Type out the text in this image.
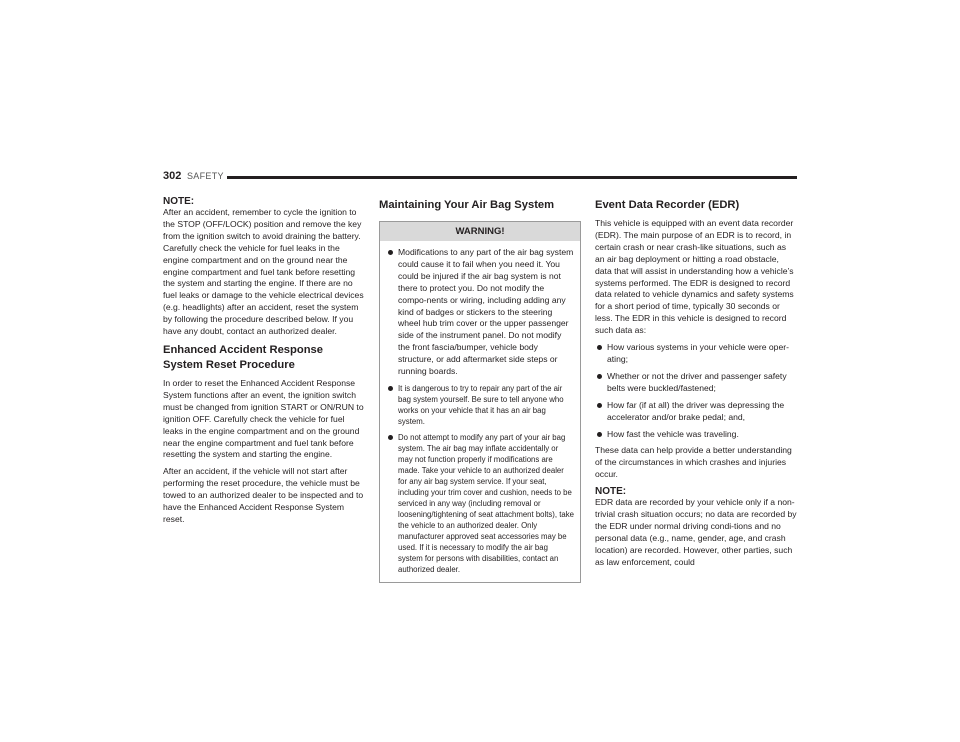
302 SAFETY
NOTE:

After an accident, remember to cycle the ignition to the STOP (OFF/LOCK) position and remove the key from the ignition switch to avoid draining the battery. Carefully check the vehicle for fuel leaks in the engine compartment and on the ground near the engine compartment and fuel tank before resetting the system and starting the engine. If there are no fuel leaks or damage to the vehicle electrical devices (e.g. headlights) after an accident, reset the system by following the procedure described below. If you have any doubt, contact an authorized dealer.

Enhanced Accident Response System Reset Procedure

In order to reset the Enhanced Accident Response System functions after an event, the ignition switch must be changed from ignition START or ON/RUN to ignition OFF. Carefully check the vehicle for fuel leaks in the engine compartment and on the ground near the engine compartment and fuel tank before resetting the system and starting the engine.

After an accident, if the vehicle will not start after performing the reset procedure, the vehicle must be towed to an authorized dealer to be inspected and to have the Enhanced Accident Response System reset.

Maintaining Your Air Bag System
WARNING!
Modifications to any part of the air bag system could cause it to fail when you need it. You could be injured if the air bag system is not there to protect you. Do not modify the compo-nents or wiring, including adding any kind of badges or stickers to the steering wheel hub trim cover or the upper passenger side of the instrument panel. Do not modify the front fascia/bumper, vehicle body structure, or add aftermarket side steps or running boards.
It is dangerous to try to repair any part of the air bag system yourself. Be sure to tell anyone who works on your vehicle that it has an air bag system.
Do not attempt to modify any part of your air bag system. The air bag may inflate accidentally or may not function properly if modifications are made. Take your vehicle to an authorized dealer for any air bag system service. If your seat, including your trim cover and cushion, needs to be serviced in any way (including removal or loosening/tightening of seat attachment bolts), take the vehicle to an authorized dealer. Only manufacturer approved seat accessories may be used. If it is necessary to modify the air bag system for persons with disabilities, contact an authorized dealer.
Event Data Recorder (EDR)

This vehicle is equipped with an event data recorder (EDR). The main purpose of an EDR is to record, in certain crash or near crash-like situations, such as an air bag deployment or hitting a road obstacle, data that will assist in understanding how a vehicle’s systems performed. The EDR is designed to record data related to vehicle dynamics and safety systems for a short period of time, typically 30 seconds or less. The EDR in this vehicle is designed to record such data as:

How various systems in your vehicle were oper-ating;
Whether or not the driver and passenger safety belts were buckled/fastened;
How far (if at all) the driver was depressing the accelerator and/or brake pedal; and,
How fast the vehicle was traveling.

These data can help provide a better understanding of the circumstances in which crashes and injuries occur.

NOTE:

EDR data are recorded by your vehicle only if a non-trivial crash situation occurs; no data are recorded by the EDR under normal driving condi-tions and no personal data (e.g., name, gender, age, and crash location) are recorded. However, other parties, such as law enforcement, could
